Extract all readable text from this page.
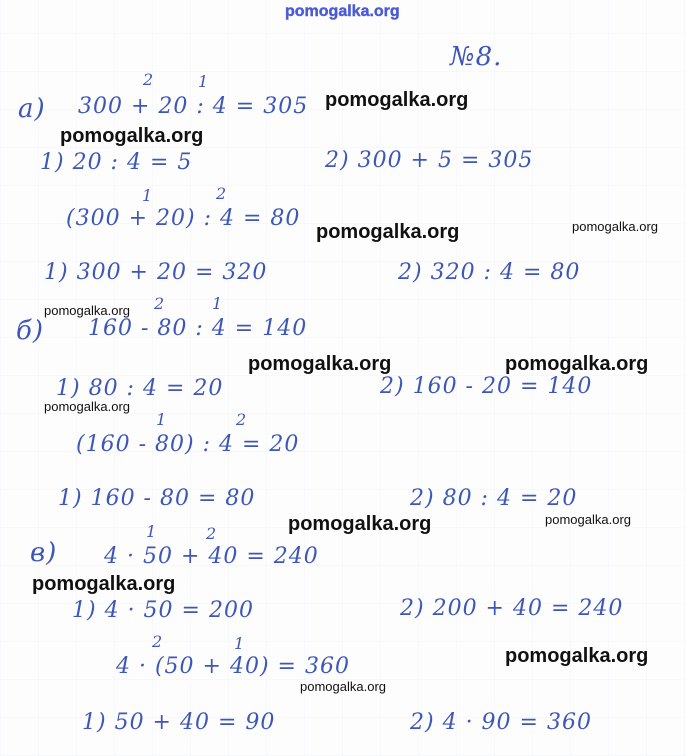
pomogalka.org
№8.
а)
2	1
300 + 20 : 4 = 305
1) 20 : 4 = 5	2) 300 + 5 = 305
1	2
(300 + 20) : 4 = 80
1) 300 + 20 = 320	2) 320 : 4 = 80
б)
2	1
160 - 80 : 4 = 140
1) 80 : 4 = 20	2) 160 - 20 = 140
1	2
(160 - 80) : 4 = 20
1) 160 - 80 = 80	2) 80 : 4 = 20
в)
1	2
4 · 50 + 40 = 240
1) 4 · 50 = 200	2) 200 + 40 = 240
2	1
4 · (50 + 40) = 360
1) 50 + 40 = 90	2) 4 · 90 = 360
pomogalka.org
pomogalka.org
pomogalka.org	pomogalka.org
pomogalka.org
pomogalka.org	pomogalka.org
pomogalka.org
pomogalka.org	pomogalka.org
pomogalka.org
pomogalka.org
pomogalka.org
